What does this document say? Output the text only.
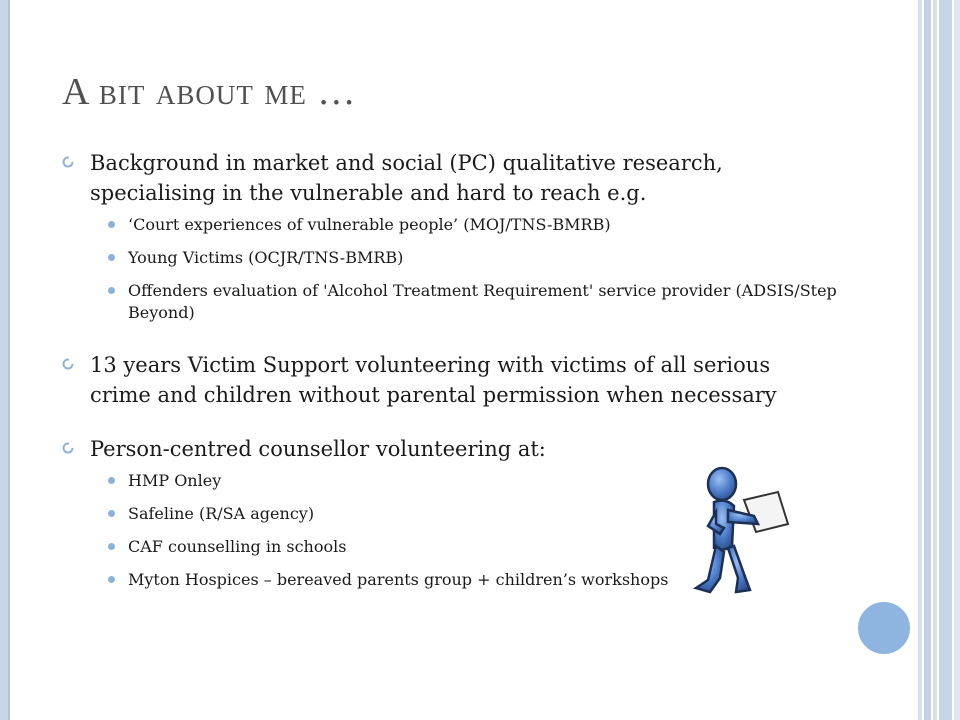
A bit about me …

Background in market and social (PC) qualitative research, specialising in the vulnerable and hard to reach e.g.

‘Court experiences of vulnerable people’ (MOJ/TNS-BMRB)

Young Victims (OCJR/TNS-BMRB)

Offenders evaluation of 'Alcohol Treatment Requirement' service provider (ADSIS/Step Beyond)

13 years Victim Support volunteering with victims of all serious crime and children without parental permission when necessary

Person-centred counsellor volunteering at:

HMP Onley

Safeline (R/SA agency)

CAF counselling in schools

Myton Hospices – bereaved parents group + children’s workshops
